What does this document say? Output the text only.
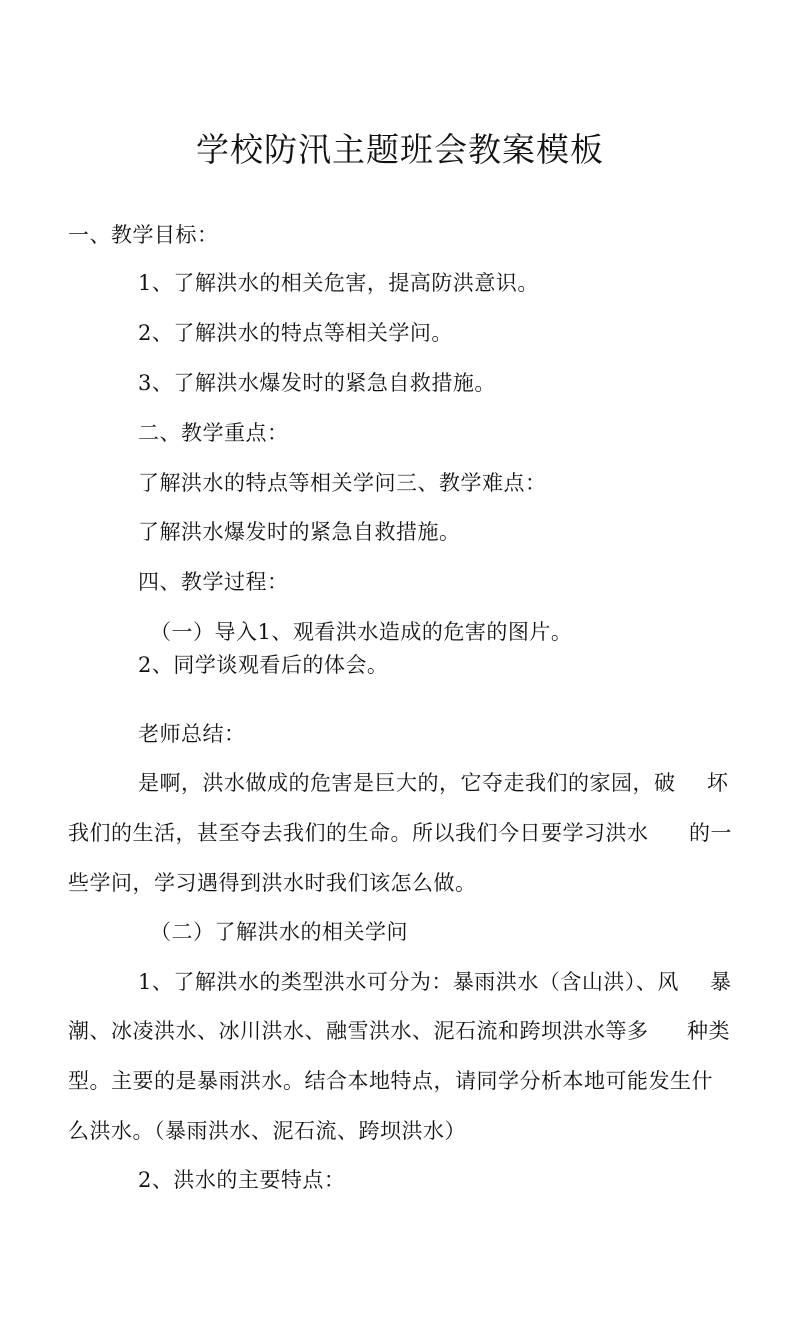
学校防汛主题班会教案模板
一、教学目标：
1、了解洪水的相关危害，提高防洪意识。
2、了解洪水的特点等相关学问。
3、了解洪水爆发时的紧急自救措施。
二、教学重点：
了解洪水的特点等相关学问三、教学难点：
了解洪水爆发时的紧急自救措施。
四、教学过程：
（一）导入1、观看洪水造成的危害的图片。
2、同学谈观看后的体会。
老师总结：
是啊，洪水做成的危害是巨大的，它夺走我们的家园，破 坏
我们的生活，甚至夺去我们的生命。所以我们今日要学习洪水 的一
些学问，学习遇得到洪水时我们该怎么做。
（二）了解洪水的相关学问
1、了解洪水的类型洪水可分为：暴雨洪水（含山洪）、风 暴
潮、冰凌洪水、冰川洪水、融雪洪水、泥石流和跨坝洪水等多 种类
型。主要的是暴雨洪水。结合本地特点，请同学分析本地可能发生什
么洪水。（暴雨洪水、泥石流、跨坝洪水）
2、洪水的主要特点：
